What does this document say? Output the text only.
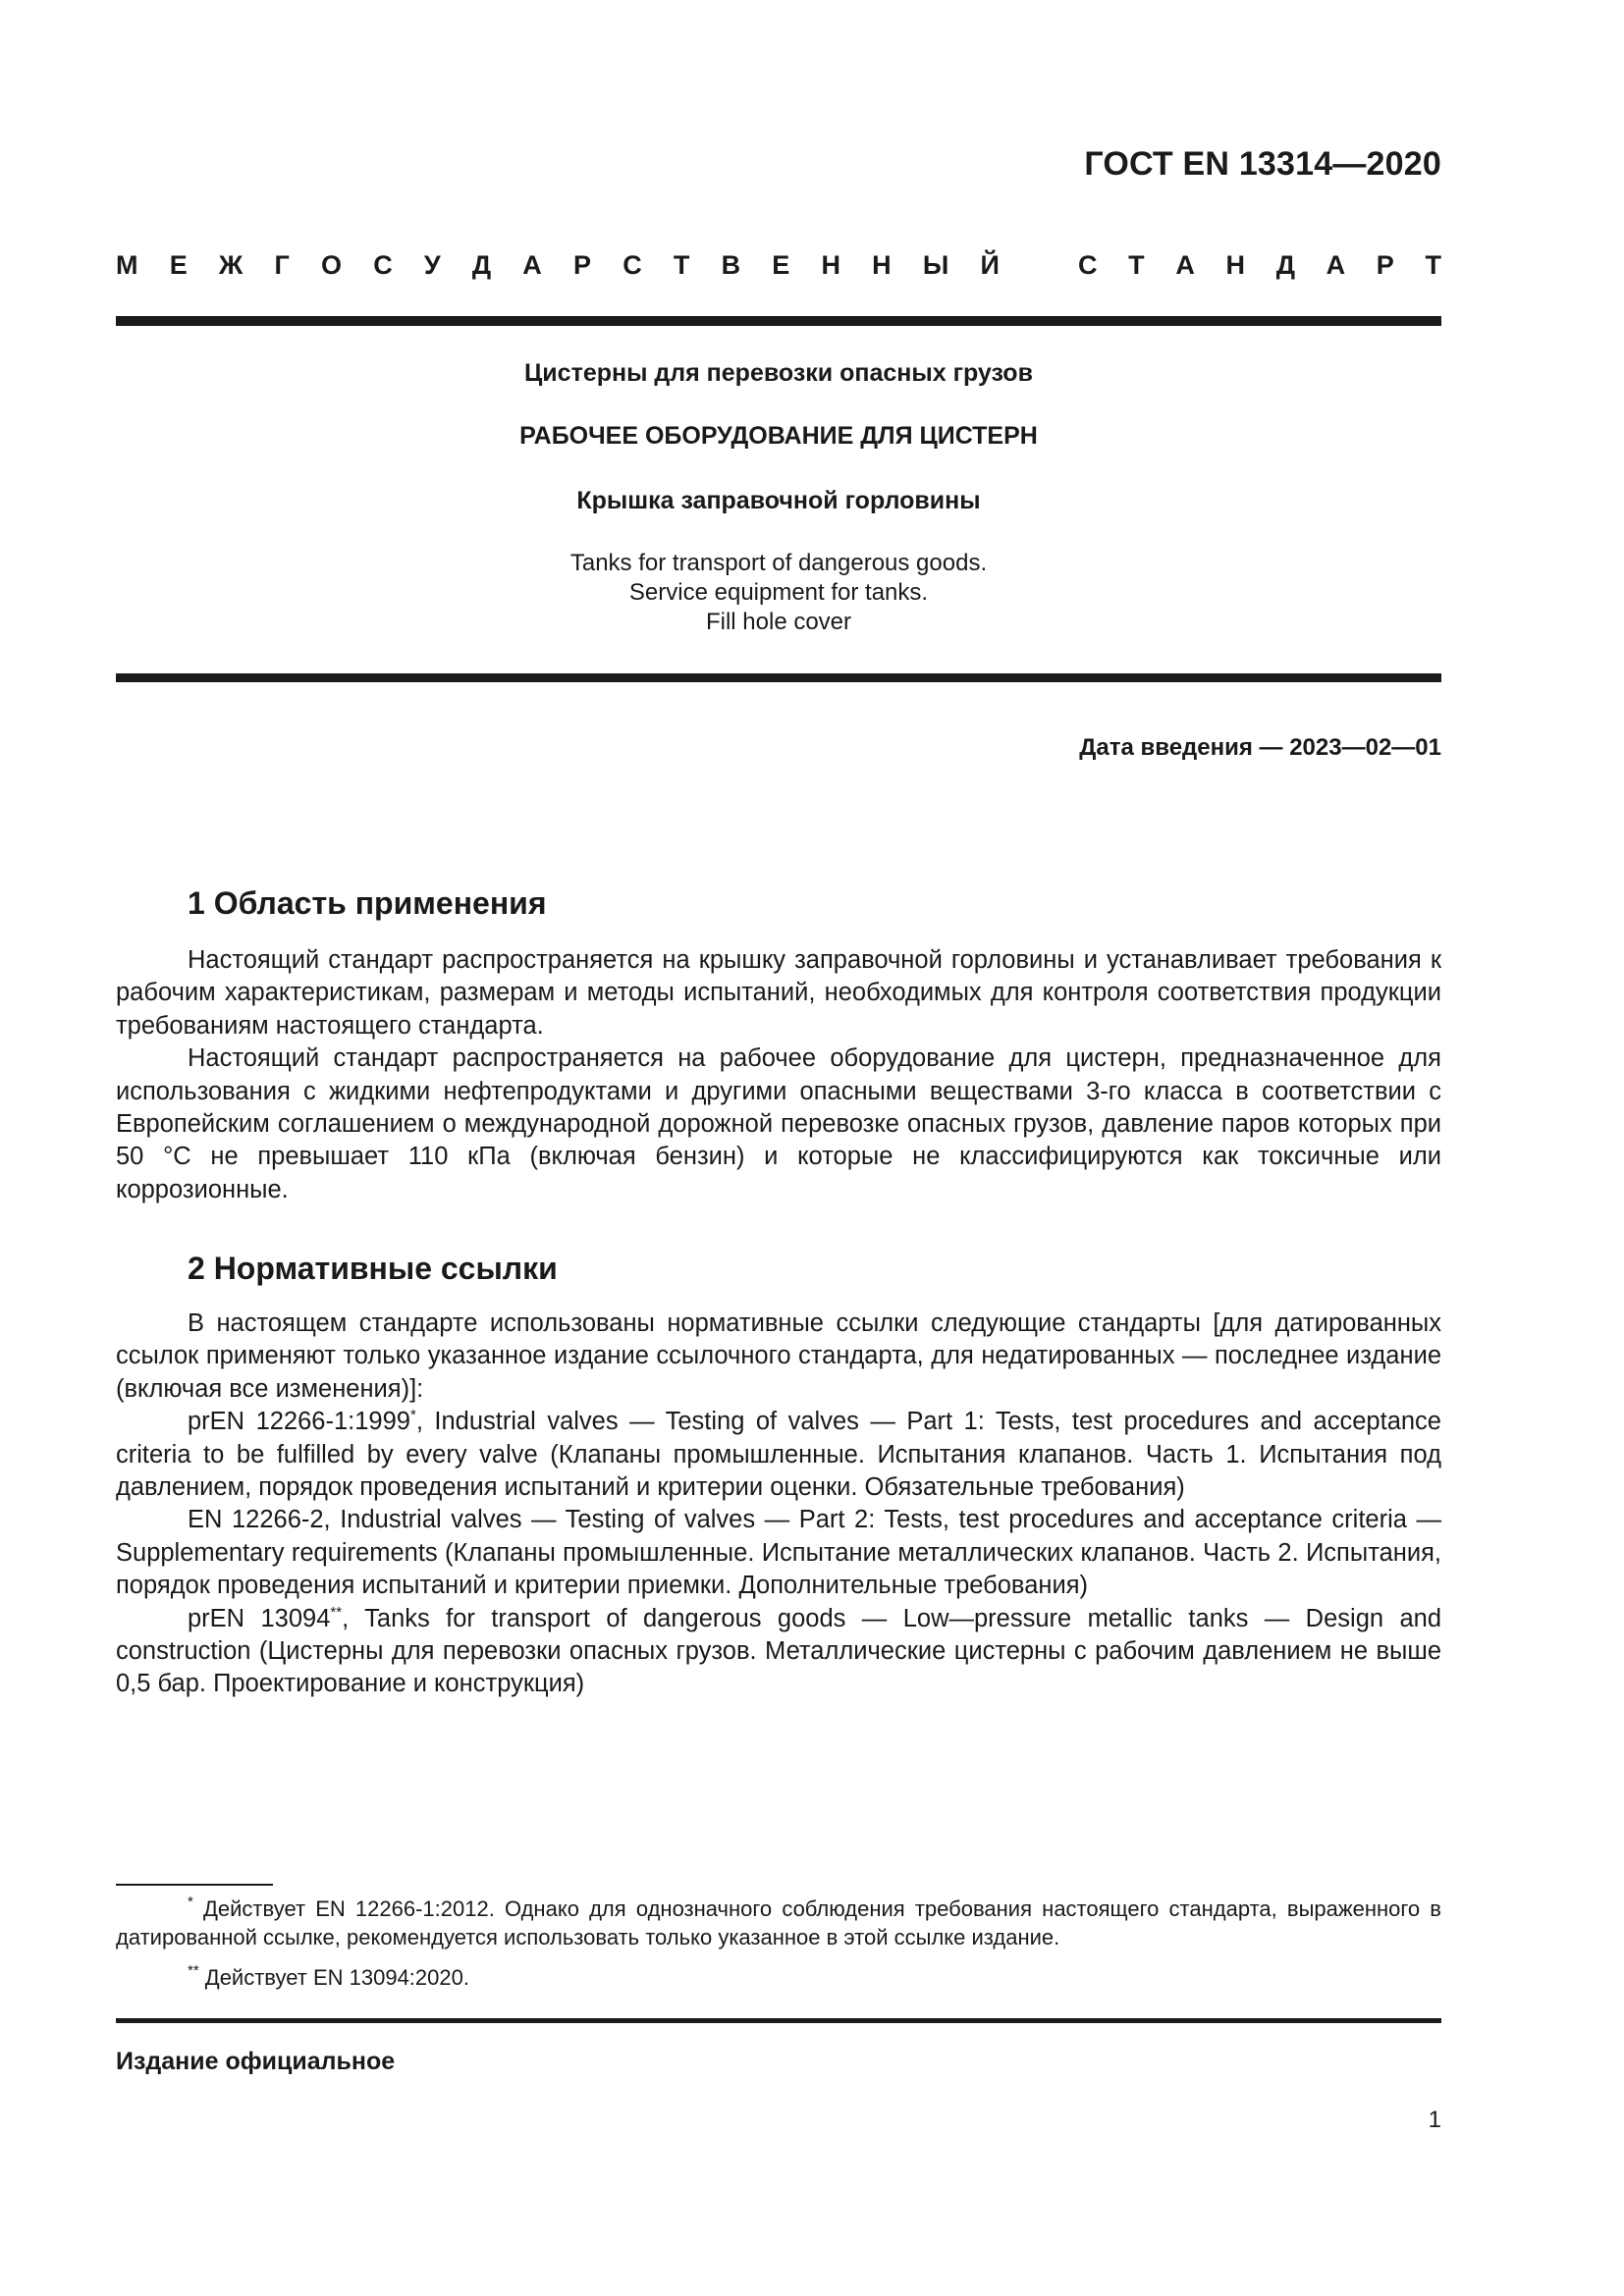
ГОСТ EN 13314—2020
М Е Ж Г О С У Д А Р С Т В Е Н Н Ы Й	С Т А Н Д А Р Т
Цистерны для перевозки опасных грузов
РАБОЧЕЕ ОБОРУДОВАНИЕ ДЛЯ ЦИСТЕРН
Крышка заправочной горловины
Tanks for transport of dangerous goods.
Service equipment for tanks.
Fill hole cover
Дата введения — 2023—02—01
1 Область применения

Настоящий стандарт распространяется на крышку заправочной горловины и устанавливает требования к рабочим характеристикам, размерам и методы испытаний, необходимых для контроля соответствия продукции требованиям настоящего стандарта.

Настоящий стандарт распространяется на рабочее оборудование для цистерн, предназначенное для использования с жидкими нефтепродуктами и другими опасными веществами 3-го класса в соответствии с Европейским соглашением о международной дорожной перевозке опасных грузов, давление паров которых при 50 °С не превышает 110 кПа (включая бензин) и которые не классифицируются как токсичные или коррозионные.

2 Нормативные ссылки

В настоящем стандарте использованы нормативные ссылки следующие стандарты [для датированных ссылок применяют только указанное издание ссылочного стандарта, для недатированных — последнее издание (включая все изменения)]:

prEN 12266-1:1999*, Industrial valves — Testing of valves — Part 1: Tests, test procedures and acceptance criteria to be fulfilled by every valve (Клапаны промышленные. Испытания клапанов. Часть 1. Испытания под давлением, порядок проведения испытаний и критерии оценки. Обязательные требования)

EN 12266-2, Industrial valves — Testing of valves — Part 2: Tests, test procedures and acceptance criteria — Supplementary requirements (Клапаны промышленные. Испытание металлических клапанов. Часть 2. Испытания, порядок проведения испытаний и критерии приемки. Дополнительные требования)

prEN 13094**, Tanks for transport of dangerous goods — Low—pressure metallic tanks — Design and construction (Цистерны для перевозки опасных грузов. Металлические цистерны с рабочим давлением не выше 0,5 бар. Проектирование и конструкция)

* Действует EN 12266-1:2012. Однако для однозначного соблюдения требования настоящего стандарта, выраженного в датированной ссылке, рекомендуется использовать только указанное в этой ссылке издание.

** Действует EN 13094:2020.

Издание официальное
1
